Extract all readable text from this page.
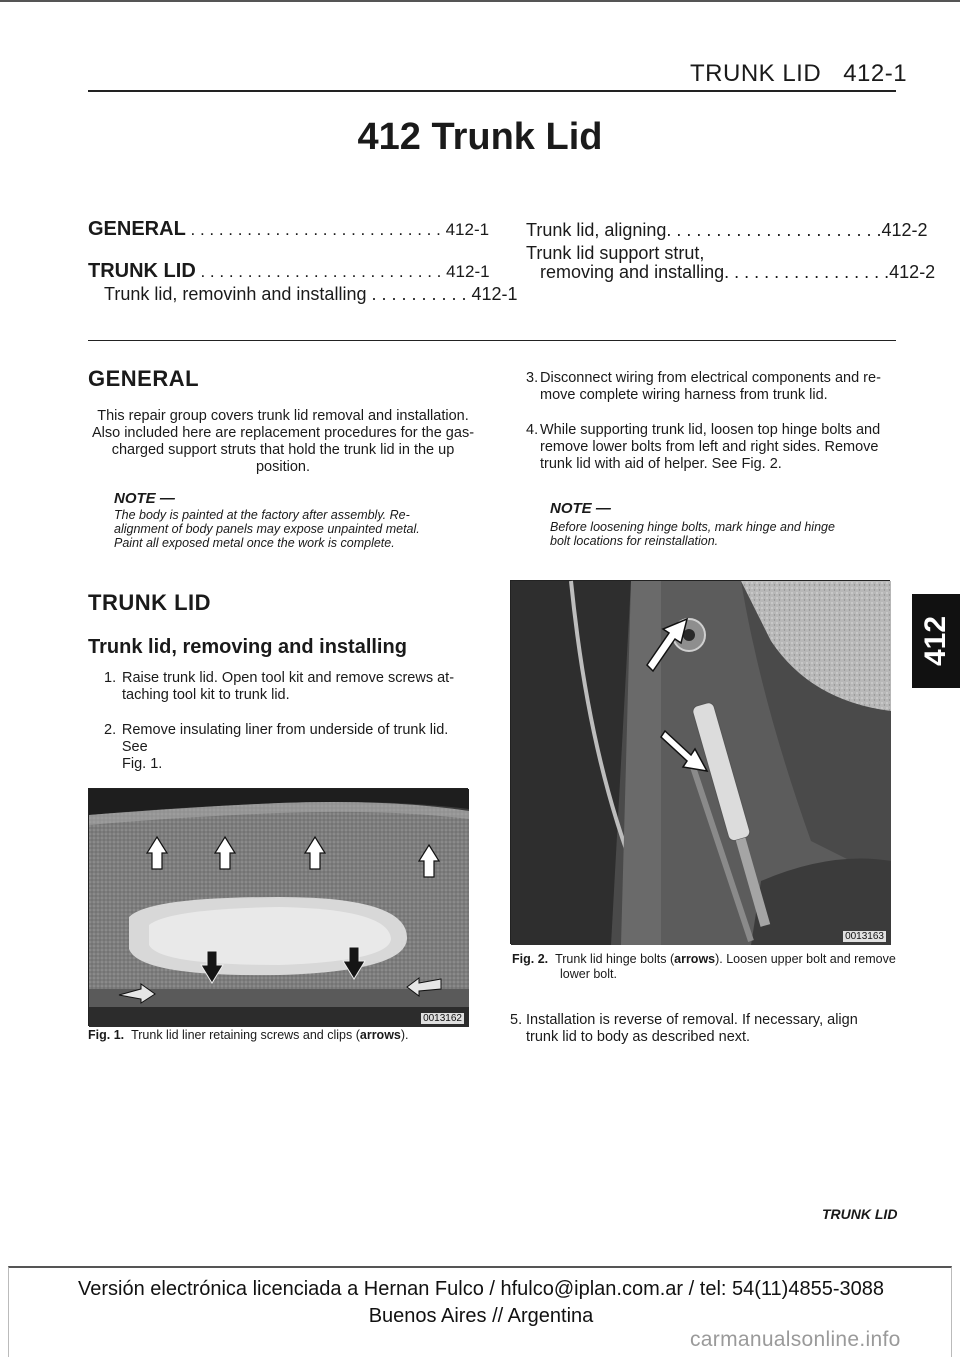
TRUNK LID 412-1
412 Trunk Lid
GENERAL . . . . . . . . . . . . . . . . . . . . . . . . . . . 412-1
TRUNK LID . . . . . . . . . . . . . . . . . . . . . . . . . . 412-1
Trunk lid, removinh and installing . . . . . . . . . . 412-1
Trunk lid, aligning. . . . . . . . . . . . . . . . . . . . . .412-2
Trunk lid support strut,
removing and installing. . . . . . . . . . . . . . . . .412-2
GENERAL
This repair group covers trunk lid removal and installation.
Also included here are replacement procedures for the gas-
charged support struts that hold the trunk lid in the up position.
NOTE —
The body is painted at the factory after assembly. Re-
alignment of body panels may expose unpainted metal.
Paint all exposed metal once the work is complete.
TRUNK LID
Trunk lid, removing and installing
1. Raise trunk lid. Open tool kit and remove screws at-
taching tool kit to trunk lid.
2. Remove insulating liner from underside of trunk lid. See
Fig. 1.
0013162
Fig. 1. Trunk lid liner retaining screws and clips (arrows).
3. Disconnect wiring from electrical components and re-
move complete wiring harness from trunk lid.
4. While supporting trunk lid, loosen top hinge bolts and
remove lower bolts from left and right sides. Remove
trunk lid with aid of helper. See Fig. 2.
NOTE —
Before loosening hinge bolts, mark hinge and hinge
bolt locations for reinstallation.
0013163
Fig. 2. Trunk lid hinge bolts (arrows). Loosen upper bolt and remove
lower bolt.
5. Installation is reverse of removal. If necessary, align
trunk lid to body as described next.
412
TRUNK LID
Versión electrónica licenciada a Hernan Fulco / hfulco@iplan.com.ar / tel: 54(11)4855-3088
Buenos Aires // Argentina
carmanualsonline.info
